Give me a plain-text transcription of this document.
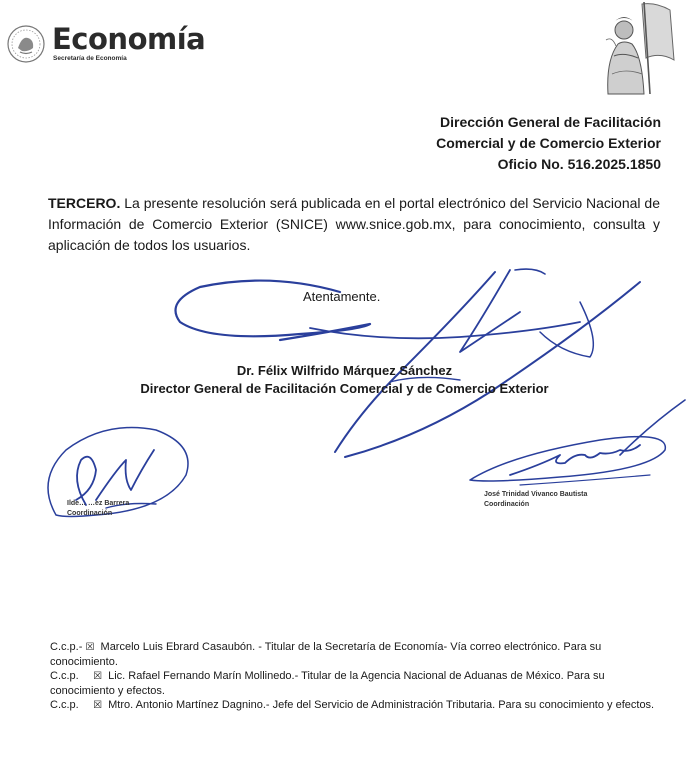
Economía
Secretaría de Economía
Dirección General de Facilitación
Comercial y de Comercio Exterior
Oficio No. 516.2025.1850
TERCERO. La presente resolución será publicada en el portal electrónico del Servicio Nacional de Información de Comercio Exterior (SNICE) www.snice.gob.mx, para conocimiento, consulta y aplicación de todos los usuarios.
Atentamente.
Dr. Félix Wilfrido Márquez Sánchez
Director General de Facilitación Comercial y de Comercio Exterior
Ilde… …ez Barrera
Coordinación
José Trinidad Vivanco Bautista
Coordinación
C.c.p.- ☒ Marcelo Luis Ebrard Casaubón. - Titular de la Secretaría de Economía- Vía correo electrónico. Para su conocimiento.
C.c.p. ☒ Lic. Rafael Fernando Marín Mollinedo.- Titular de la Agencia Nacional de Aduanas de México. Para su conocimiento y efectos.
C.c.p. ☒ Mtro. Antonio Martínez Dagnino.- Jefe del Servicio de Administración Tributaria. Para su conocimiento y efectos.
